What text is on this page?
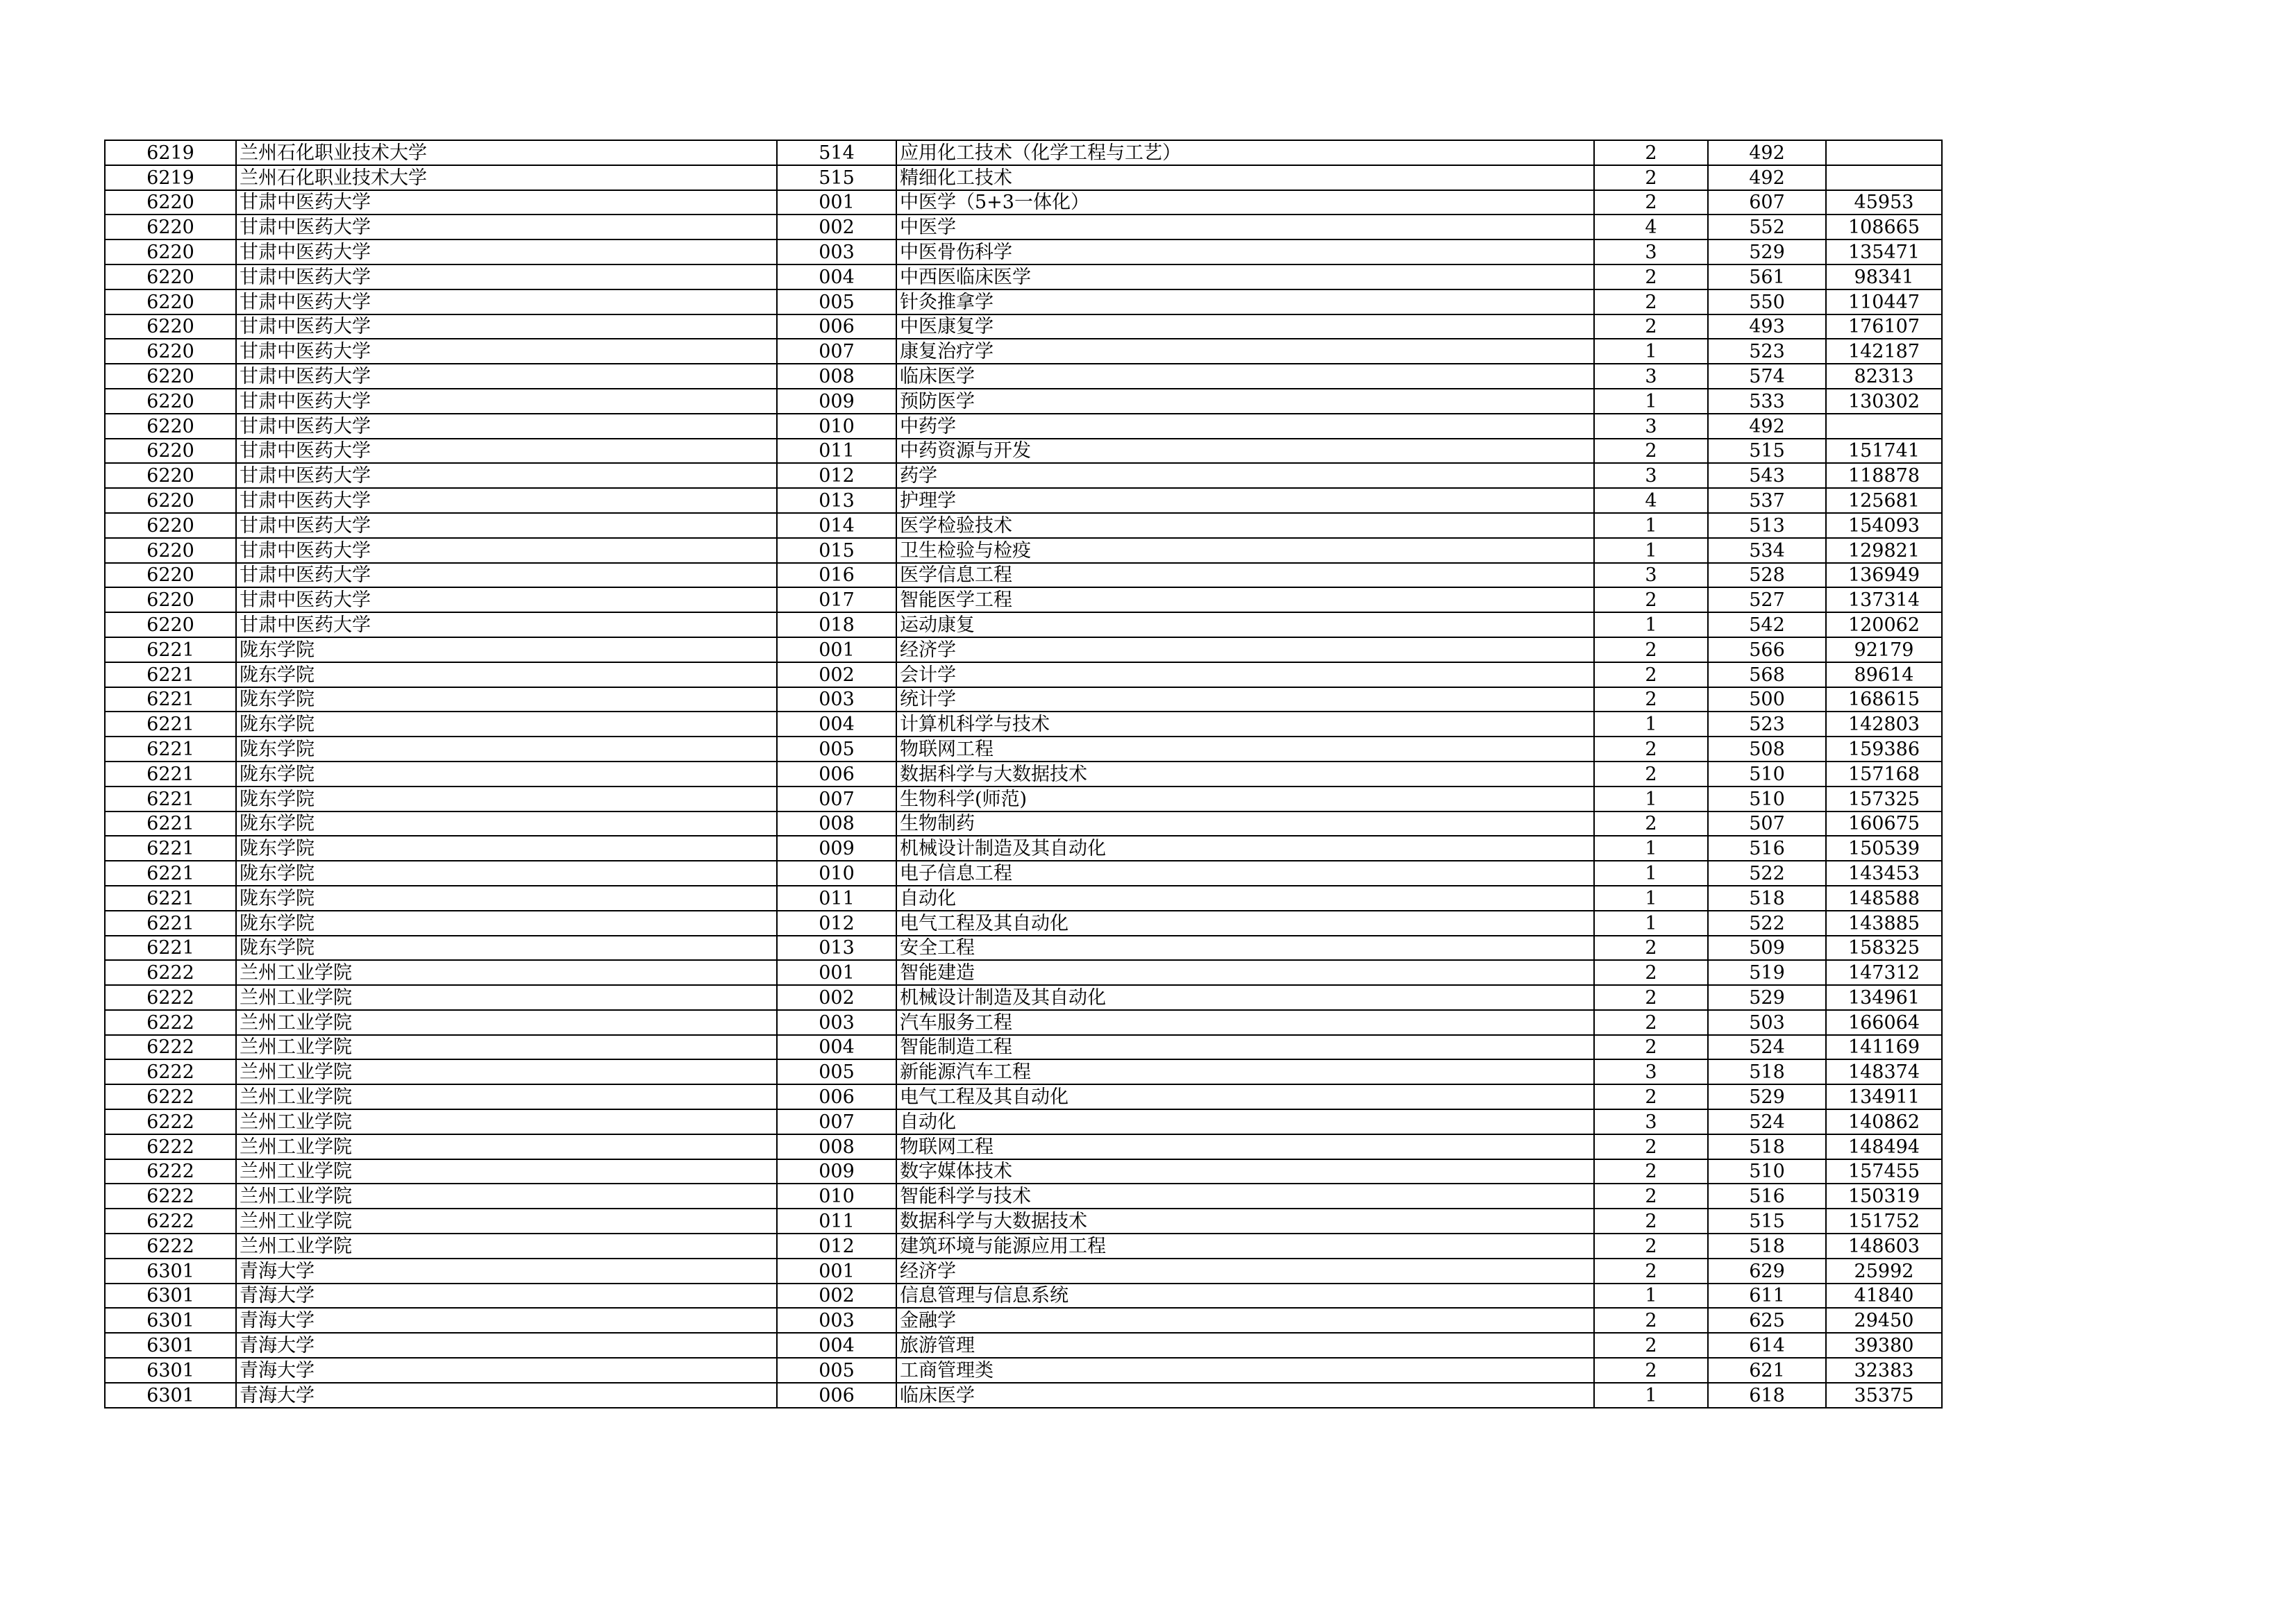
6219	兰州石化职业技术大学	514	应用化工技术（化学工程与工艺）	2	492	
6219	兰州石化职业技术大学	515	精细化工技术	2	492	
6220	甘肃中医药大学	001	中医学（5+3一体化）	2	607	45953
6220	甘肃中医药大学	002	中医学	4	552	108665
6220	甘肃中医药大学	003	中医骨伤科学	3	529	135471
6220	甘肃中医药大学	004	中西医临床医学	2	561	98341
6220	甘肃中医药大学	005	针灸推拿学	2	550	110447
6220	甘肃中医药大学	006	中医康复学	2	493	176107
6220	甘肃中医药大学	007	康复治疗学	1	523	142187
6220	甘肃中医药大学	008	临床医学	3	574	82313
6220	甘肃中医药大学	009	预防医学	1	533	130302
6220	甘肃中医药大学	010	中药学	3	492	
6220	甘肃中医药大学	011	中药资源与开发	2	515	151741
6220	甘肃中医药大学	012	药学	3	543	118878
6220	甘肃中医药大学	013	护理学	4	537	125681
6220	甘肃中医药大学	014	医学检验技术	1	513	154093
6220	甘肃中医药大学	015	卫生检验与检疫	1	534	129821
6220	甘肃中医药大学	016	医学信息工程	3	528	136949
6220	甘肃中医药大学	017	智能医学工程	2	527	137314
6220	甘肃中医药大学	018	运动康复	1	542	120062
6221	陇东学院	001	经济学	2	566	92179
6221	陇东学院	002	会计学	2	568	89614
6221	陇东学院	003	统计学	2	500	168615
6221	陇东学院	004	计算机科学与技术	1	523	142803
6221	陇东学院	005	物联网工程	2	508	159386
6221	陇东学院	006	数据科学与大数据技术	2	510	157168
6221	陇东学院	007	生物科学(师范)	1	510	157325
6221	陇东学院	008	生物制药	2	507	160675
6221	陇东学院	009	机械设计制造及其自动化	1	516	150539
6221	陇东学院	010	电子信息工程	1	522	143453
6221	陇东学院	011	自动化	1	518	148588
6221	陇东学院	012	电气工程及其自动化	1	522	143885
6221	陇东学院	013	安全工程	2	509	158325
6222	兰州工业学院	001	智能建造	2	519	147312
6222	兰州工业学院	002	机械设计制造及其自动化	2	529	134961
6222	兰州工业学院	003	汽车服务工程	2	503	166064
6222	兰州工业学院	004	智能制造工程	2	524	141169
6222	兰州工业学院	005	新能源汽车工程	3	518	148374
6222	兰州工业学院	006	电气工程及其自动化	2	529	134911
6222	兰州工业学院	007	自动化	3	524	140862
6222	兰州工业学院	008	物联网工程	2	518	148494
6222	兰州工业学院	009	数字媒体技术	2	510	157455
6222	兰州工业学院	010	智能科学与技术	2	516	150319
6222	兰州工业学院	011	数据科学与大数据技术	2	515	151752
6222	兰州工业学院	012	建筑环境与能源应用工程	2	518	148603
6301	青海大学	001	经济学	2	629	25992
6301	青海大学	002	信息管理与信息系统	1	611	41840
6301	青海大学	003	金融学	2	625	29450
6301	青海大学	004	旅游管理	2	614	39380
6301	青海大学	005	工商管理类	2	621	32383
6301	青海大学	006	临床医学	1	618	35375
